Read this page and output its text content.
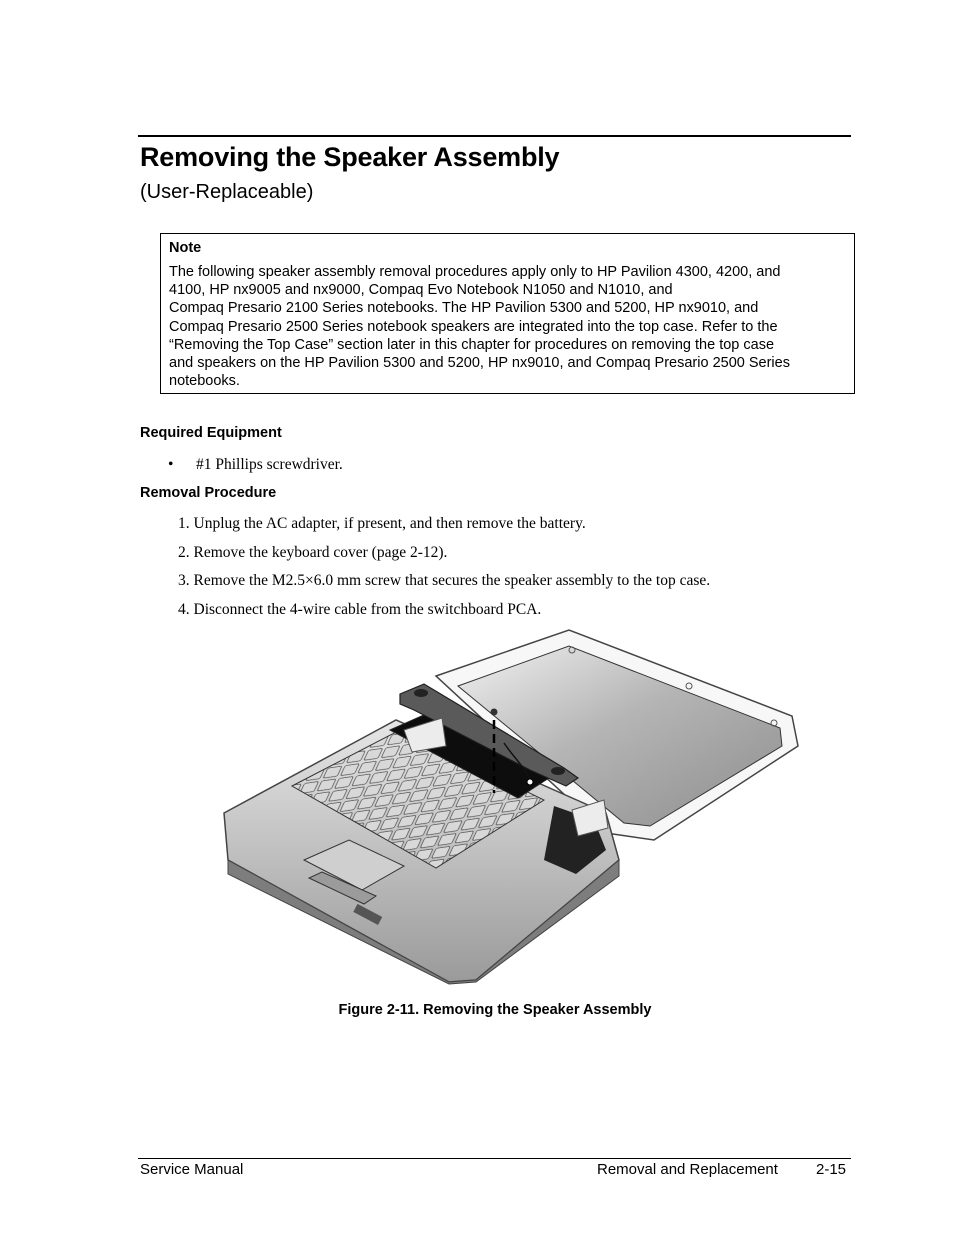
Removing the Speaker Assembly
(User-Replaceable)
Note
The following speaker assembly removal procedures apply only to HP Pavilion 4300, 4200, and
4100, HP nx9005 and nx9000, Compaq Evo Notebook N1050 and N1010, and
Compaq Presario 2100 Series notebooks. The HP Pavilion 5300 and 5200, HP nx9010, and
Compaq Presario 2500 Series notebook speakers are integrated into the top case. Refer to the
“Removing the Top Case” section later in this chapter for procedures on removing the top case
and speakers on the HP Pavilion 5300 and 5200, HP nx9010, and Compaq Presario 2500 Series
notebooks.
Required Equipment
• #1 Phillips screwdriver.
Removal Procedure
1. Unplug the AC adapter, if present, and then remove the battery.
2. Remove the keyboard cover (page 2-12).
3. Remove the M2.5×6.0 mm screw that secures the speaker assembly to the top case.
4. Disconnect the 4-wire cable from the switchboard PCA.
Figure 2-11. Removing the Speaker Assembly
Service Manual	Removal and Replacement	2-15
